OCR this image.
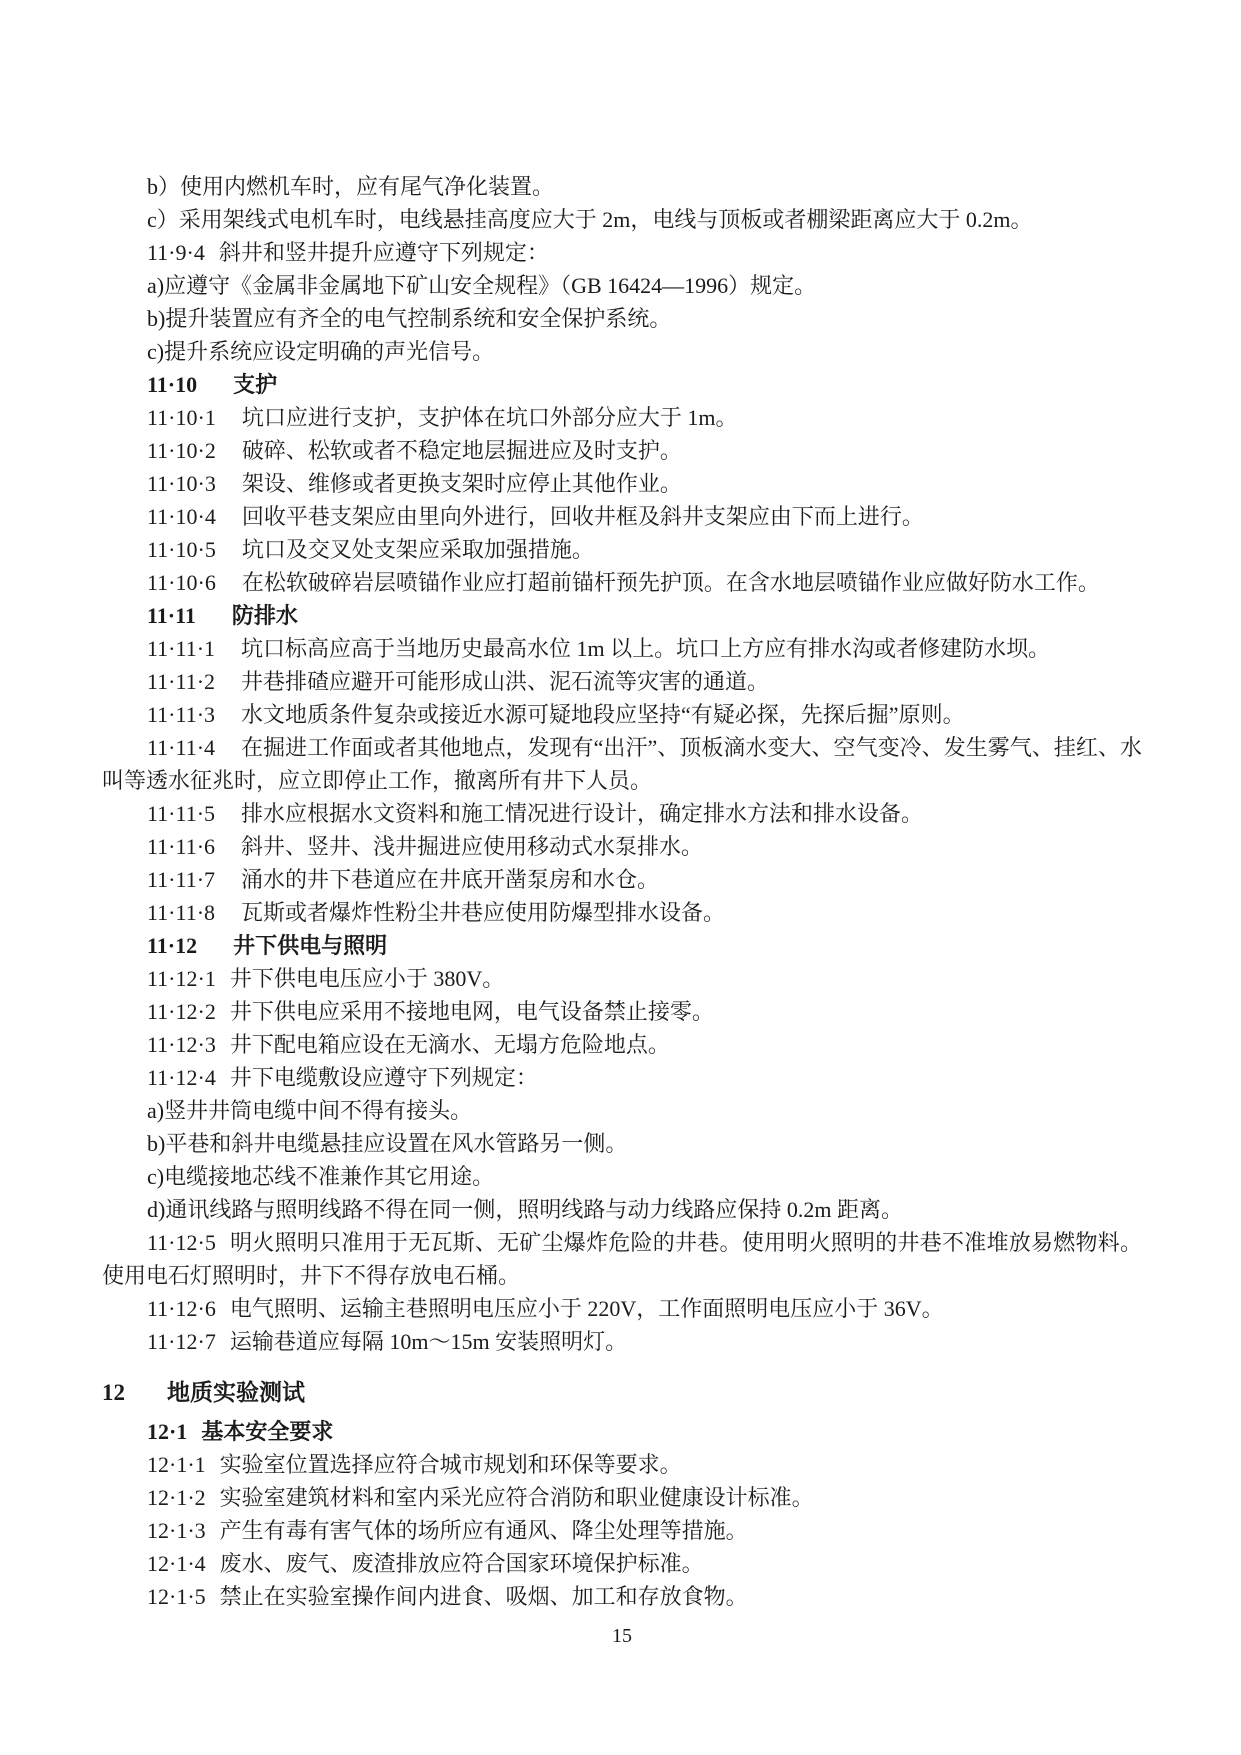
b）使用内燃机车时，应有尾气净化装置。
c）采用架线式电机车时，电线悬挂高度应大于 2m，电线与顶板或者棚梁距离应大于 0.2m。
11·9·4 斜井和竖井提升应遵守下列规定：
a)应遵守《金属非金属地下矿山安全规程》（GB 16424—1996）规定。
b)提升装置应有齐全的电气控制系统和安全保护系统。
c)提升系统应设定明确的声光信号。
11·10 支护
11·10·1 坑口应进行支护，支护体在坑口外部分应大于 1m。
11·10·2 破碎、松软或者不稳定地层掘进应及时支护。
11·10·3 架设、维修或者更换支架时应停止其他作业。
11·10·4 回收平巷支架应由里向外进行，回收井框及斜井支架应由下而上进行。
11·10·5 坑口及交叉处支架应采取加强措施。
11·10·6 在松软破碎岩层喷锚作业应打超前锚杆预先护顶。在含水地层喷锚作业应做好防水工作。
11·11 防排水
11·11·1 坑口标高应高于当地历史最高水位 1m 以上。坑口上方应有排水沟或者修建防水坝。
11·11·2 井巷排碴应避开可能形成山洪、泥石流等灾害的通道。
11·11·3 水文地质条件复杂或接近水源可疑地段应坚持“有疑必探，先探后掘”原则。
11·11·4 在掘进工作面或者其他地点，发现有“出汗”、顶板滴水变大、空气变冷、发生雾气、挂红、水叫等透水征兆时，应立即停止工作，撤离所有井下人员。
11·11·5 排水应根据水文资料和施工情况进行设计，确定排水方法和排水设备。
11·11·6 斜井、竖井、浅井掘进应使用移动式水泵排水。
11·11·7 涌水的井下巷道应在井底开凿泵房和水仓。
11·11·8 瓦斯或者爆炸性粉尘井巷应使用防爆型排水设备。
11·12 井下供电与照明
11·12·1 井下供电电压应小于 380V。
11·12·2 井下供电应采用不接地电网，电气设备禁止接零。
11·12·3 井下配电箱应设在无滴水、无塌方危险地点。
11·12·4 井下电缆敷设应遵守下列规定：
a)竖井井筒电缆中间不得有接头。
b)平巷和斜井电缆悬挂应设置在风水管路另一侧。
c)电缆接地芯线不准兼作其它用途。
d)通讯线路与照明线路不得在同一侧，照明线路与动力线路应保持 0.2m 距离。
11·12·5 明火照明只准用于无瓦斯、无矿尘爆炸危险的井巷。使用明火照明的井巷不准堆放易燃物料。使用电石灯照明时，井下不得存放电石桶。
11·12·6 电气照明、运输主巷照明电压应小于 220V，工作面照明电压应小于 36V。
11·12·7 运输巷道应每隔 10m～15m 安装照明灯。
12 地质实验测试
12·1 基本安全要求
12·1·1 实验室位置选择应符合城市规划和环保等要求。
12·1·2 实验室建筑材料和室内采光应符合消防和职业健康设计标准。
12·1·3 产生有毒有害气体的场所应有通风、降尘处理等措施。
12·1·4 废水、废气、废渣排放应符合国家环境保护标准。
12·1·5 禁止在实验室操作间内进食、吸烟、加工和存放食物。
15
